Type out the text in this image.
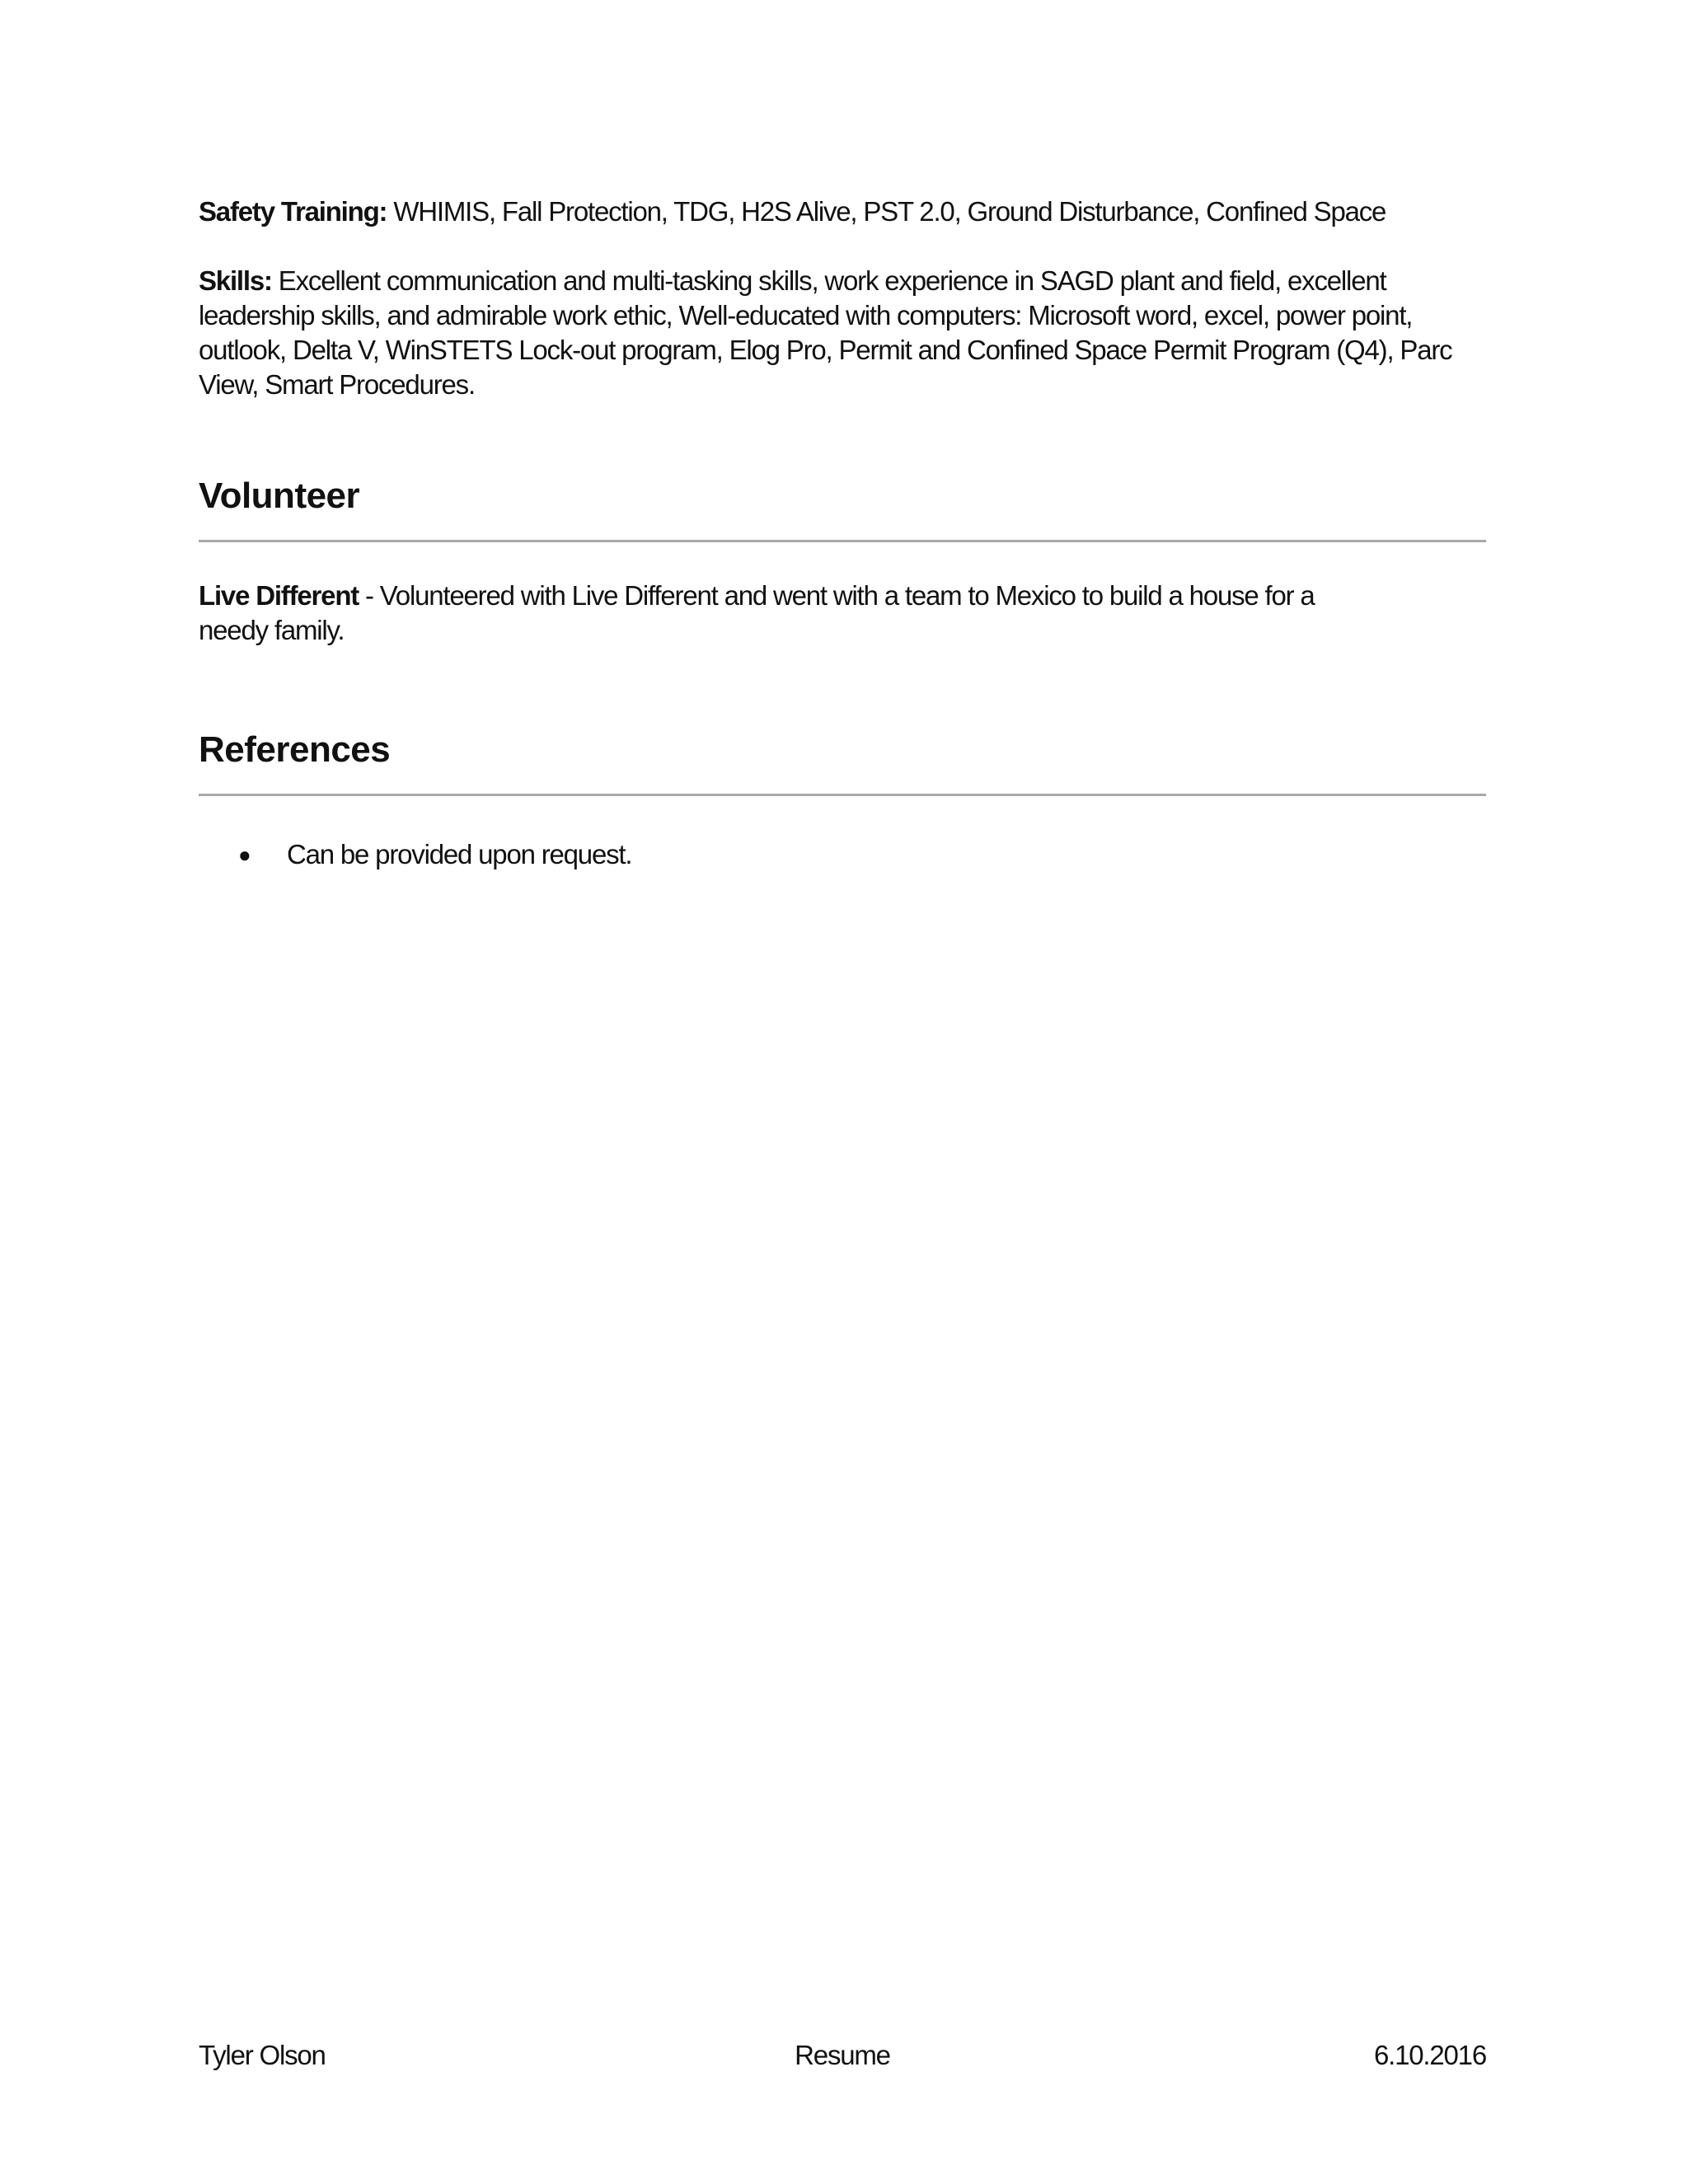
Safety Training: WHIMIS, Fall Protection, TDG, H2S Alive, PST 2.0, Ground Disturbance, Confined Space

Skills: Excellent communication and multi-tasking skills, work experience in SAGD plant and field, excellent leadership skills, and admirable work ethic, Well-educated with computers: Microsoft word, excel, power point, outlook, Delta V, WinSTETS Lock-out program, Elog Pro, Permit and Confined Space Permit Program (Q4), Parc View, Smart Procedures.

Volunteer

Live Different - Volunteered with Live Different and went with a team to Mexico to build a house for a needy family.

References
● Can be provided upon request.
Tyler Olson	Resume	6.10.2016
